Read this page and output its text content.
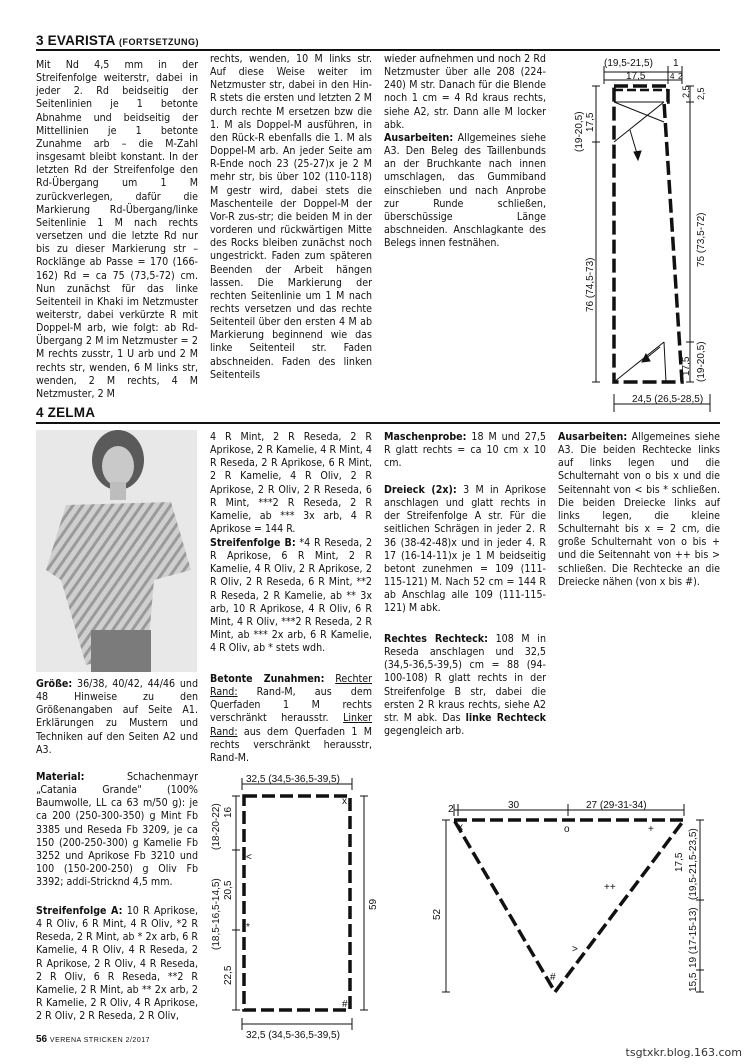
3 EVARISTA (FORTSETZUNG)
Mit Nd 4,5 mm in der Streifenfolge weiterstr, dabei in jeder 2. Rd beidseitig der Seitenlinien je 1 betonte Abnahme und beidseitig der Mittellinien je 1 betonte Zunahme arb – die M-Zahl insgesamt bleibt konstant. In der letzten Rd der Streifenfolge den Rd-Übergang um 1 M zurückverlegen, dafür die Markierung Rd-Übergang/linke Seitenlinie 1 M nach rechts versetzen und die letzte Rd nur bis zu dieser Markierung str – Rocklänge ab Passe = 170 (166-162) Rd = ca 75 (73,5-72) cm. Nun zunächst für das linke Seitenteil in Khaki im Netzmuster weiterstr, dabei verkürzte R mit Doppel-M arb, wie folgt: ab Rd-Übergang 2 M im Netzmuster = 2 M rechts zusstr, 1 U arb und 2 M rechts str, wenden, 6 M links str, wenden, 2 M rechts, 4 M Netzmuster, 2 M
rechts, wenden, 10 M links str. Auf diese Weise weiter im Netzmuster str, dabei in den Hin-R stets die ersten und letzten 2 M durch rechte M ersetzen bzw die 1. M als Doppel-M ausführen, in den Rück-R ebenfalls die 1. M als Doppel-M arb. An jeder Seite am R-Ende noch 23 (25-27)x je 2 M mehr str, bis über 102 (110-118) M gestr wird, dabei stets die Maschenteile der Doppel-M der Vor-R zus-str; die beiden M in der vorderen und rückwärtigen Mitte des Rocks bleiben zunächst noch ungestrickt. Faden zum späteren Beenden der Arbeit hängen lassen. Die Markierung der rechten Seitenlinie um 1 M nach rechts versetzen und das rechte Seitenteil über den ersten 4 M ab Markierung beginnend wie das linke Seitenteil str. Faden abschneiden. Faden des linken Seitenteils
wieder aufnehmen und noch 2 Rd Netzmuster über alle 208 (224-240) M str. Danach für die Blende noch 1 cm = 4 Rd kraus rechts, siehe A2, str. Dann alle M locker abk.
Ausarbeiten: Allgemeines siehe A3. Den Beleg des Taillenbunds an der Bruchkante nach innen umschlagen, das Gummiband einschieben und nach Anprobe zur Runde schließen, überschüssige Länge abschneiden. Anschlagkante des Belegs innen festnähen.
(19,5-21,5) 1
17,5	4 2
(19-20,5) 17,5
76 (74,5-73)
2,5 2,5
75 (73,5-72)
17,5 (19-20,5)
24,5 (26,5-28,5)
4 ZELMA
Größe: 36/38, 40/42, 44/46 und 48 Hinweise zu den Größenangaben auf Seite A1. Erklärungen zu Mustern und Techniken auf den Seiten A2 und A3.
Material: Schachenmayr „Catania Grande" (100% Baumwolle, LL ca 63 m/50 g): je ca 200 (250-300-350) g Mint Fb 3385 und Reseda Fb 3209, je ca 150 (200-250-300) g Kamelie Fb 3252 und Aprikose Fb 3210 und 100 (150-200-250) g Oliv Fb 3392; addi-Stricknd 4,5 mm.
Streifenfolge A: 10 R Aprikose, 4 R Oliv, 6 R Mint, 4 R Oliv, *2 R Reseda, 2 R Mint, ab * 2x arb, 6 R Kamelie, 4 R Oliv, 4 R Reseda, 2 R Aprikose, 2 R Oliv, 4 R Reseda, 2 R Oliv, 6 R Reseda, **2 R Kamelie, 2 R Mint, ab ** 2x arb, 2 R Kamelie, 2 R Oliv, 4 R Aprikose, 2 R Oliv, 2 R Reseda, 2 R Oliv,
4 R Mint, 2 R Reseda, 2 R Aprikose, 2 R Kamelie, 4 R Mint, 4 R Reseda, 2 R Aprikose, 6 R Mint, 2 R Kamelie, 4 R Oliv, 2 R Aprikose, 2 R Oliv, 2 R Reseda, 6 R Mint, ***2 R Reseda, 2 R Kamelie, ab *** 3x arb, 4 R Aprikose = 144 R.
Streifenfolge B: *4 R Reseda, 2 R Aprikose, 6 R Mint, 2 R Kamelie, 4 R Oliv, 2 R Aprikose, 2 R Oliv, 2 R Reseda, 6 R Mint, **2 R Reseda, 2 R Kamelie, ab ** 3x arb, 10 R Aprikose, 4 R Oliv, 6 R Mint, 4 R Oliv, ***2 R Reseda, 2 R Mint, ab *** 2x arb, 6 R Kamelie, 4 R Oliv, ab * stets wdh.
Betonte Zunahmen: Rechter Rand: Rand-M, aus dem Querfaden 1 M rechts verschränkt herausstr. Linker Rand: aus dem Querfaden 1 M rechts verschränkt herausstr, Rand-M.
Maschenprobe: 18 M und 27,5 R glatt rechts = ca 10 cm x 10 cm.
Dreieck (2x): 3 M in Aprikose anschlagen und glatt rechts in der Streifenfolge A str. Für die seitlichen Schrägen in jeder 2. R 36 (38-42-48)x und in jeder 4. R 17 (16-14-11)x je 1 M beidseitig betont zunehmen = 109 (111-115-121) M. Nach 52 cm = 144 R ab Anschlag alle 109 (111-115-121) M abk.
Rechtes Rechteck: 108 M in Reseda anschlagen und 32,5 (34,5-36,5-39,5) cm = 88 (94-100-108) R glatt rechts in der Streifenfolge B str, dabei die ersten 2 R kraus rechts, siehe A2 str. M abk. Das linke Rechteck gegengleich arb.
Ausarbeiten: Allgemeines siehe A3. Die beiden Rechtecke links auf links legen und die Schulternaht von o bis x und die Seitennaht von < bis * schließen. Die beiden Dreiecke links auf links legen, die kleine Schulternaht bis x = 2 cm, die große Schulternaht von o bis + und die Seitennaht von ++ bis > schließen. Die Rechtecke an die Dreiecke nähen (von x bis #).
32,5 (34,5-36,5-39,5)
32,5 (34,5-36,5-39,5)
59
(18-20-22) 16
(18,5-16,5-14,5) 20,5
22,5
x
<
*
#
2	30	27 (29-31-34)
52
17,5 (19,5-21,5-23,5)
19 (17-15-13)
15,5
x	o	+
++
>
#
56 VERENA STRICKEN 2/2017
tsgtxkr.blog.163.com
